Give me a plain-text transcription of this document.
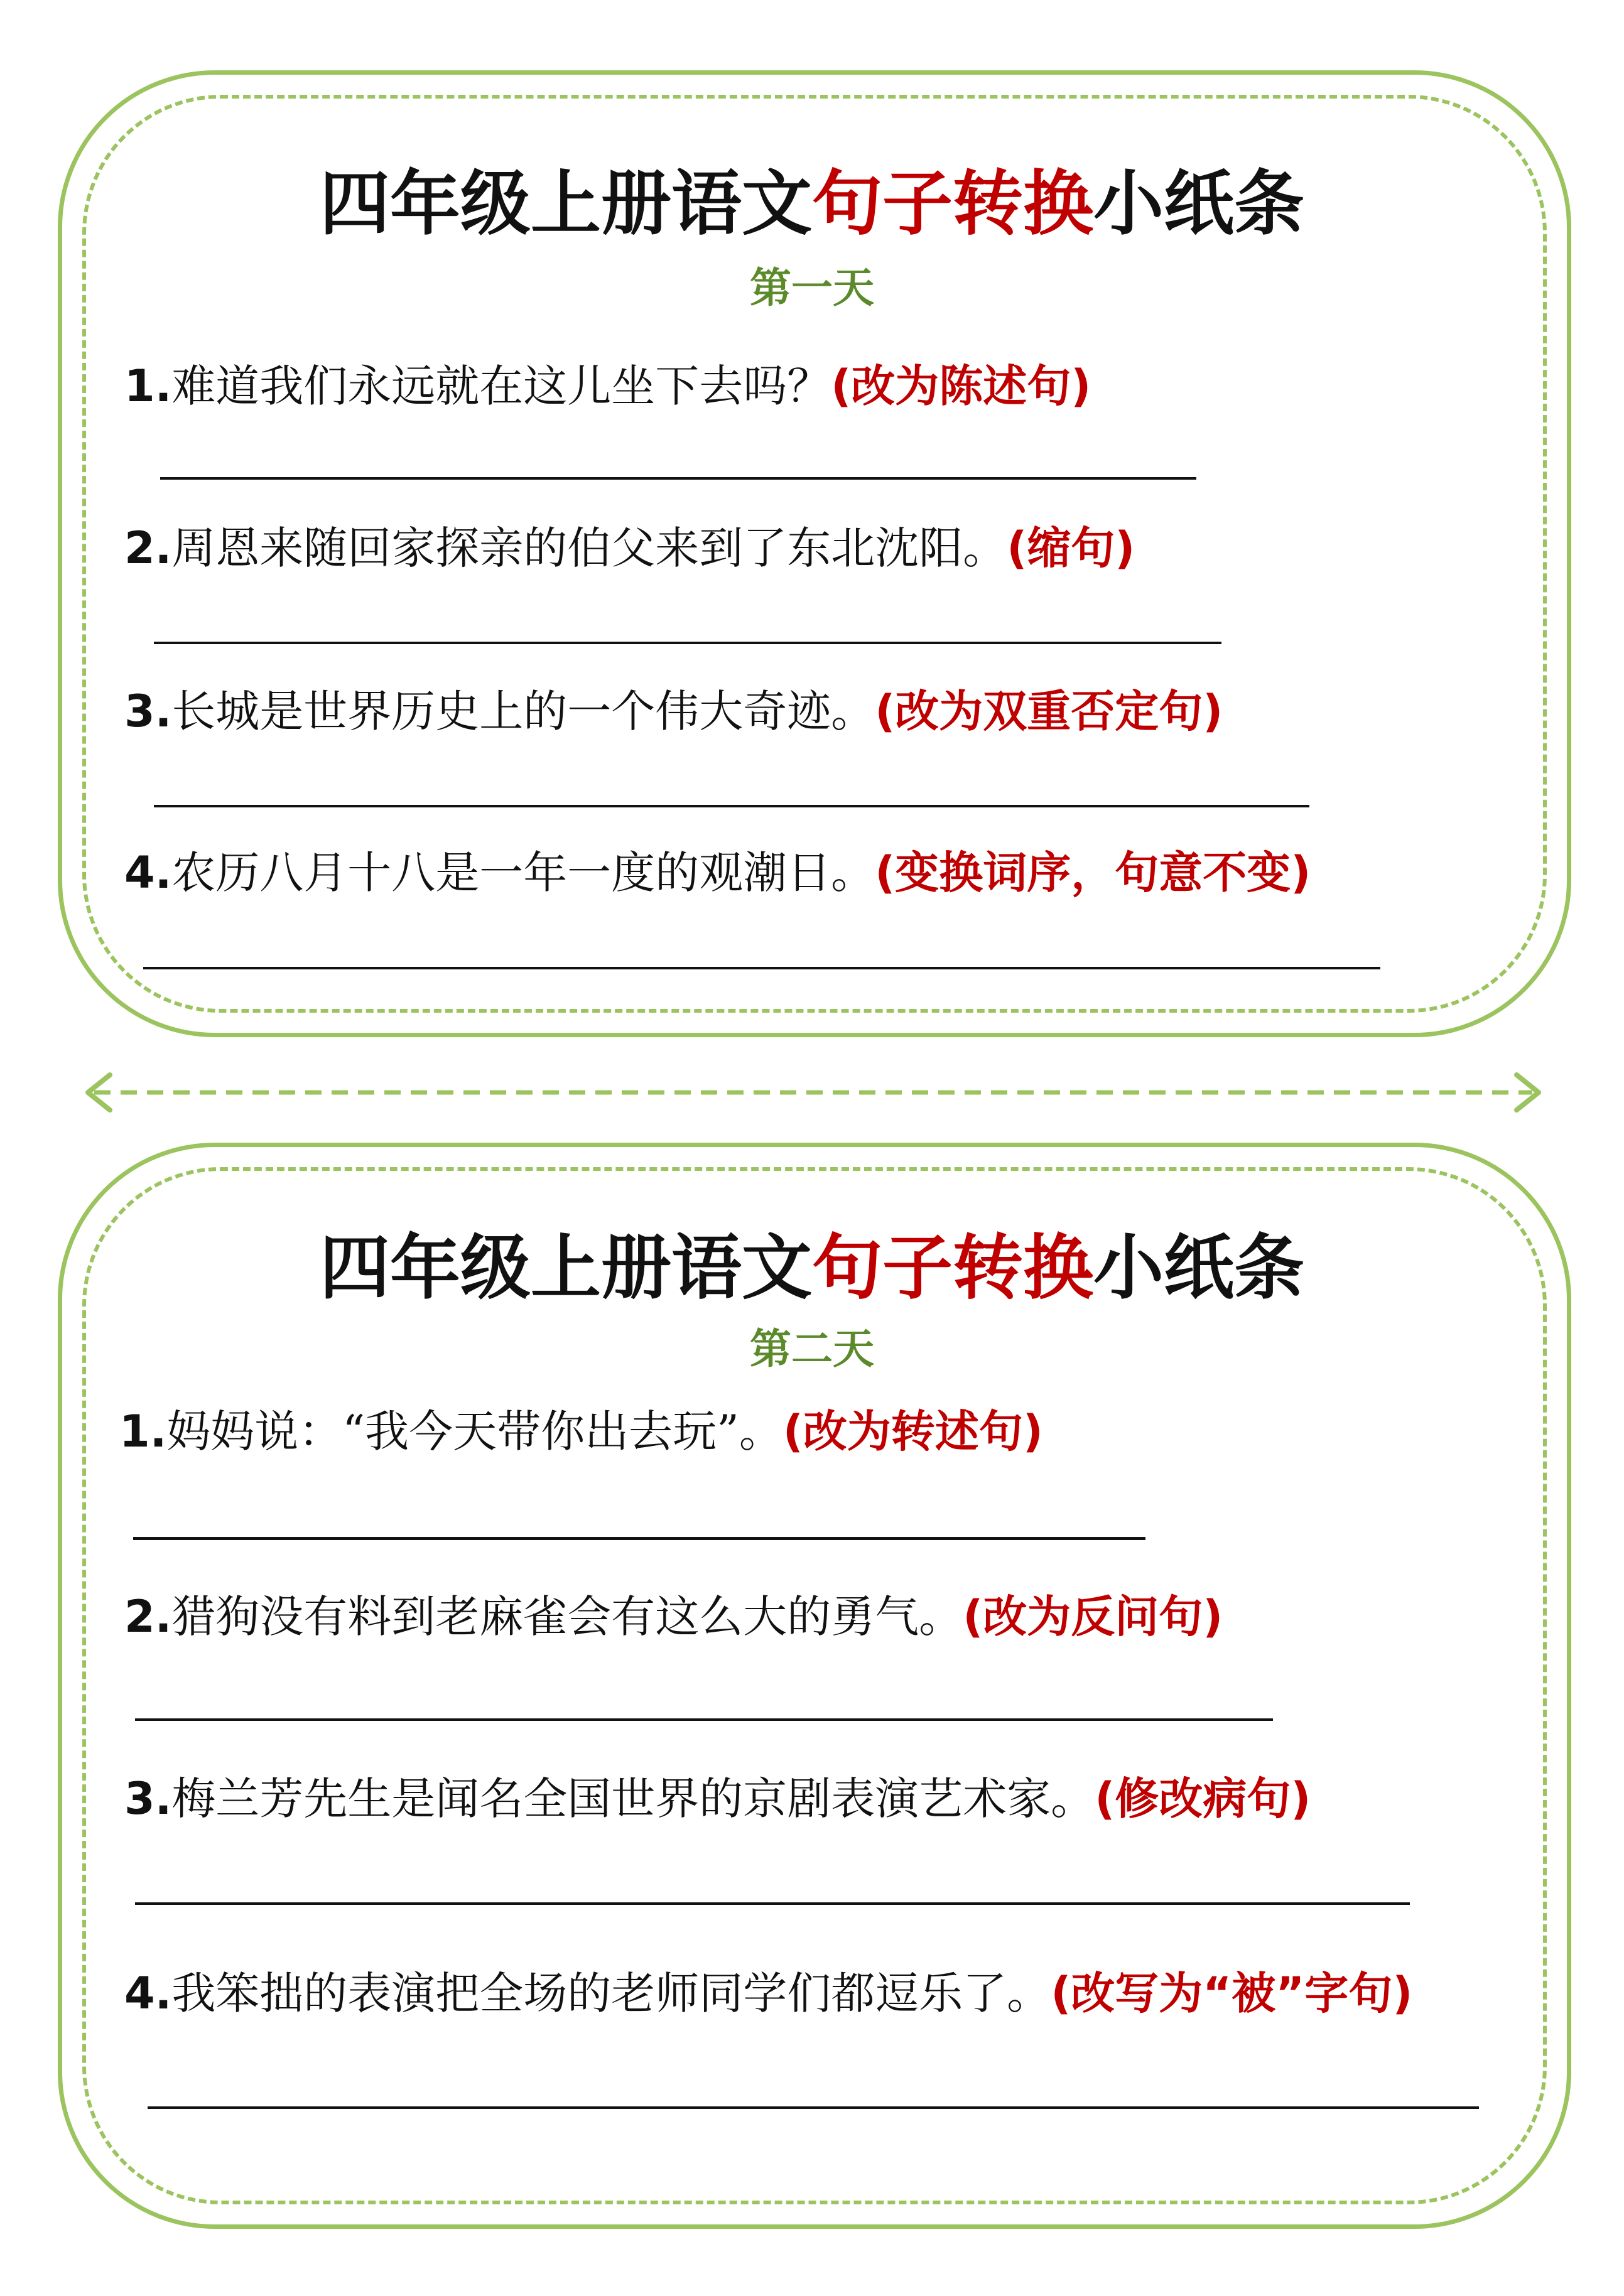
四年级上册语文句子转换小纸条
第一天
1.难道我们永远就在这儿坐下去吗？(改为陈述句)
2.周恩来随回家探亲的伯父来到了东北沈阳。(缩句)
3.长城是世界历史上的一个伟大奇迹。(改为双重否定句)
4.农历八月十八是一年一度的观潮日。(变换词序，句意不变)
四年级上册语文句子转换小纸条
第二天
1.妈妈说：“我今天带你出去玩”。(改为转述句)
2.猎狗没有料到老麻雀会有这么大的勇气。(改为反问句)
3.梅兰芳先生是闻名全国世界的京剧表演艺术家。(修改病句)
4.我笨拙的表演把全场的老师同学们都逗乐了。(改写为“被”字句)
